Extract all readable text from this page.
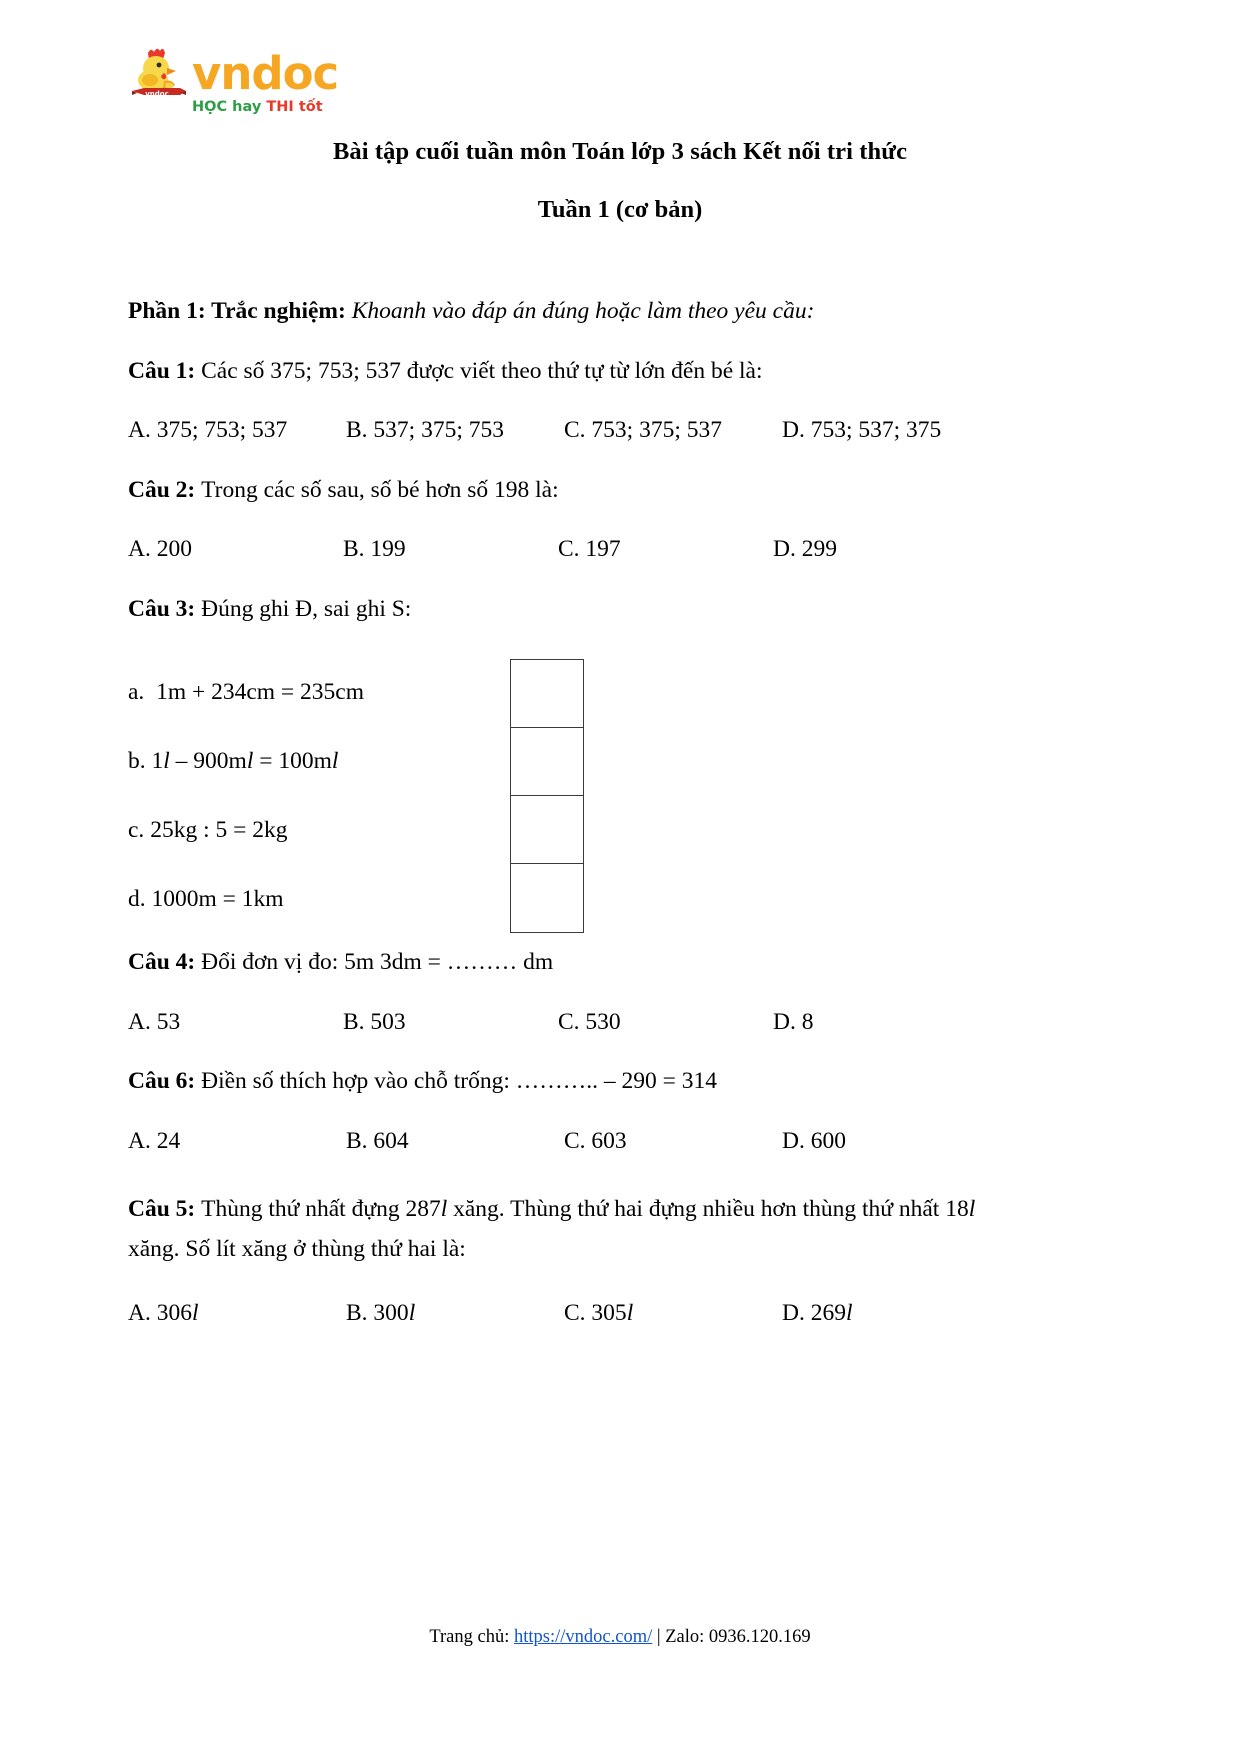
vndoc vndoc
HỌC hay THI tốt
Bài tập cuối tuần môn Toán lớp 3 sách Kết nối tri thức
Tuần 1 (cơ bản)
Phần 1: Trắc nghiệm: Khoanh vào đáp án đúng hoặc làm theo yêu cầu:
Câu 1: Các số 375; 753; 537 được viết theo thứ tự từ lớn đến bé là:
A. 375; 753; 537	B. 537; 375; 753	C. 753; 375; 537	D. 753; 537; 375
Câu 2: Trong các số sau, số bé hơn số 198 là:
A. 200	B. 199	C. 197	D. 299
Câu 3: Đúng ghi Đ, sai ghi S:
a. 1m + 234cm = 235cm
b. 1l – 900ml = 100ml
c. 25kg : 5 = 2kg
d. 1000m = 1km
Câu 4: Đổi đơn vị đo: 5m 3dm = ……… dm
A. 53	B. 503	C. 530	D. 8
Câu 6: Điền số thích hợp vào chỗ trống: ……….. – 290 = 314
A. 24	B. 604	C. 603	D. 600
Câu 5: Thùng thứ nhất đựng 287l xăng. Thùng thứ hai đựng nhiều hơn thùng thứ nhất 18l xăng. Số lít xăng ở thùng thứ hai là:
A. 306l	B. 300l	C. 305l	D. 269l
Trang chủ: https://vndoc.com/ | Zalo: 0936.120.169
